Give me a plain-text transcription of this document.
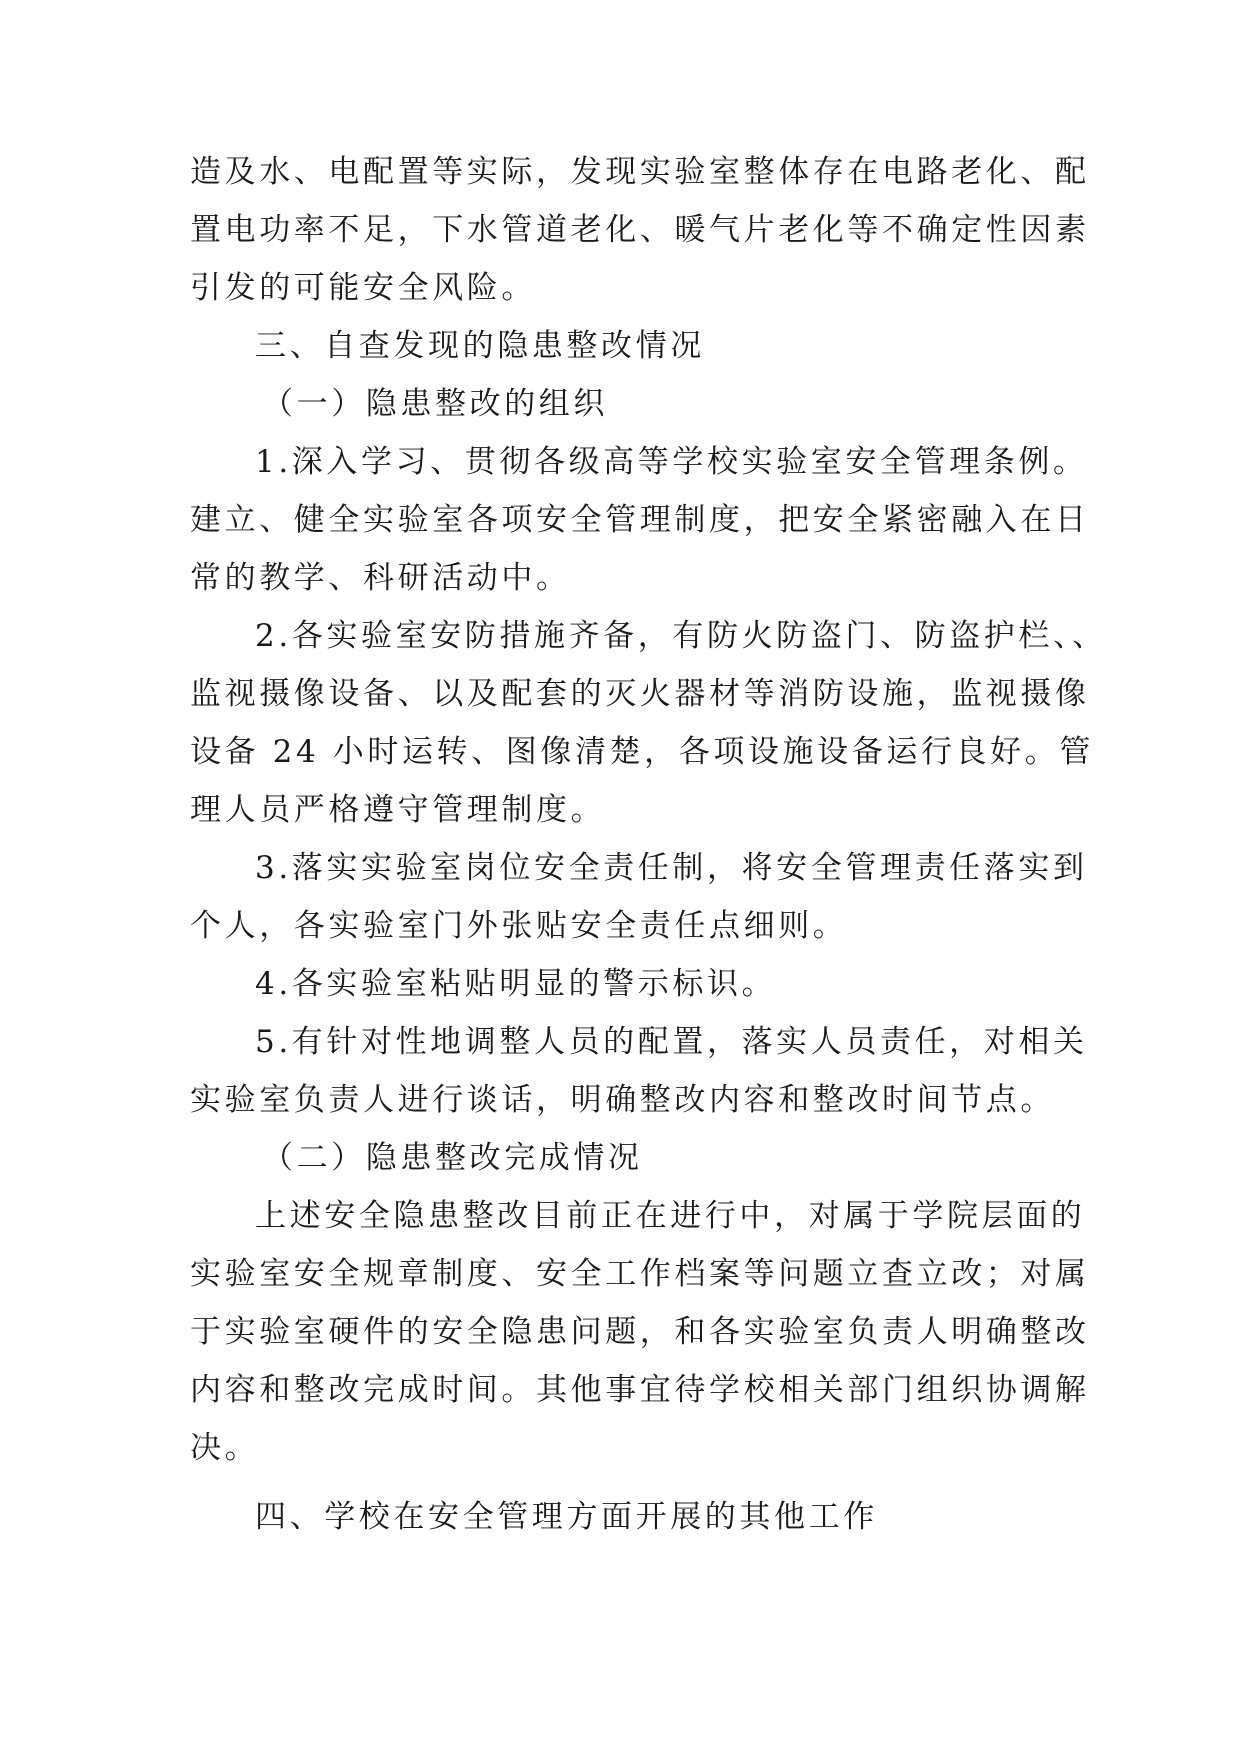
造及水、电配置等实际，发现实验室整体存在电路老化、配

置电功率不足，下水管道老化、暖气片老化等不确定性因素

引发的可能安全风险。

三、自查发现的隐患整改情况

（一）隐患整改的组织

1.深入学习、贯彻各级高等学校实验室安全管理条例。

建立、健全实验室各项安全管理制度，把安全紧密融入在日

常的教学、科研活动中。

2.各实验室安防措施齐备，有防火防盗门、防盗护栏、、

监视摄像设备、以及配套的灭火器材等消防设施，监视摄像

设备 24 小时运转、图像清楚，各项设施设备运行良好。管

理人员严格遵守管理制度。

3.落实实验室岗位安全责任制，将安全管理责任落实到

个人，各实验室门外张贴安全责任点细则。

4.各实验室粘贴明显的警示标识。

5.有针对性地调整人员的配置，落实人员责任，对相关

实验室负责人进行谈话，明确整改内容和整改时间节点。

（二）隐患整改完成情况

上述安全隐患整改目前正在进行中，对属于学院层面的

实验室安全规章制度、安全工作档案等问题立查立改；对属

于实验室硬件的安全隐患问题，和各实验室负责人明确整改

内容和整改完成时间。其他事宜待学校相关部门组织协调解

决。

四、学校在安全管理方面开展的其他工作
